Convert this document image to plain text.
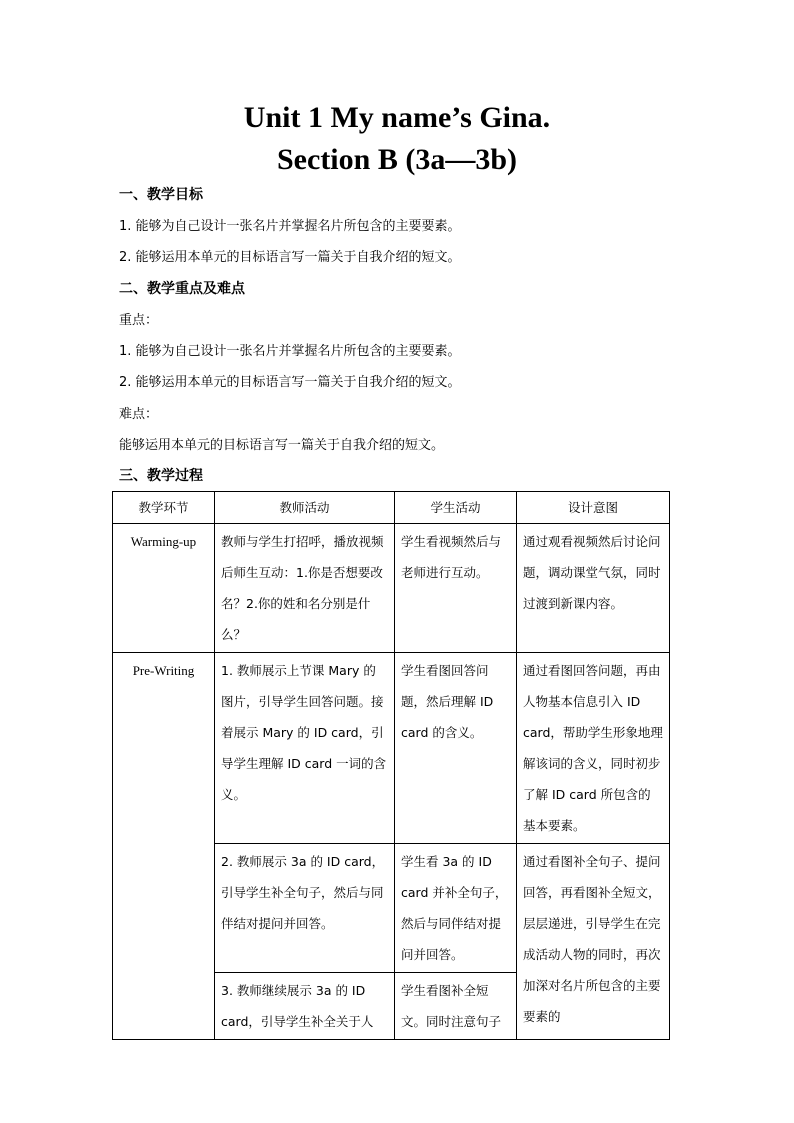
Unit 1 My name’s Gina.
Section B (3a—3b)
一、教学目标
1. 能够为自己设计一张名片并掌握名片所包含的主要要素。
2. 能够运用本单元的目标语言写一篇关于自我介绍的短文。
二、教学重点及难点
重点：
1. 能够为自己设计一张名片并掌握名片所包含的主要要素。
2. 能够运用本单元的目标语言写一篇关于自我介绍的短文。
难点：
能够运用本单元的目标语言写一篇关于自我介绍的短文。
三、教学过程
教学环节	教师活动	学生活动	设计意图
Warming-up	教师与学生打招呼，播放视频后师生互动：1.你是否想要改名？2.你的姓和名分别是什么？	学生看视频然后与老师进行互动。	通过观看视频然后讨论问题，调动课堂气氛，同时过渡到新课内容。
Pre-Writing	1. 教师展示上节课 Mary 的图片，引导学生回答问题。接着展示 Mary 的 ID card，引导学生理解 ID card 一词的含义。	学生看图回答问题，然后理解 ID card 的含义。	通过看图回答问题，再由人物基本信息引入 ID card，帮助学生形象地理解该词的含义，同时初步了解 ID card 所包含的基本要素。
	2. 教师展示 3a 的 ID card，引导学生补全句子，然后与同伴结对提问并回答。	学生看 3a 的 ID card 并补全句子，然后与同伴结对提问并回答。	通过看图补全句子、提问回答，再看图补全短文，层层递进，引导学生在完成活动人物的同时，再次加深对名片所包含的主要要素的
	3. 教师继续展示 3a 的 ID card，引导学生补全关于人	学生看图补全短文。同时注意句子	
